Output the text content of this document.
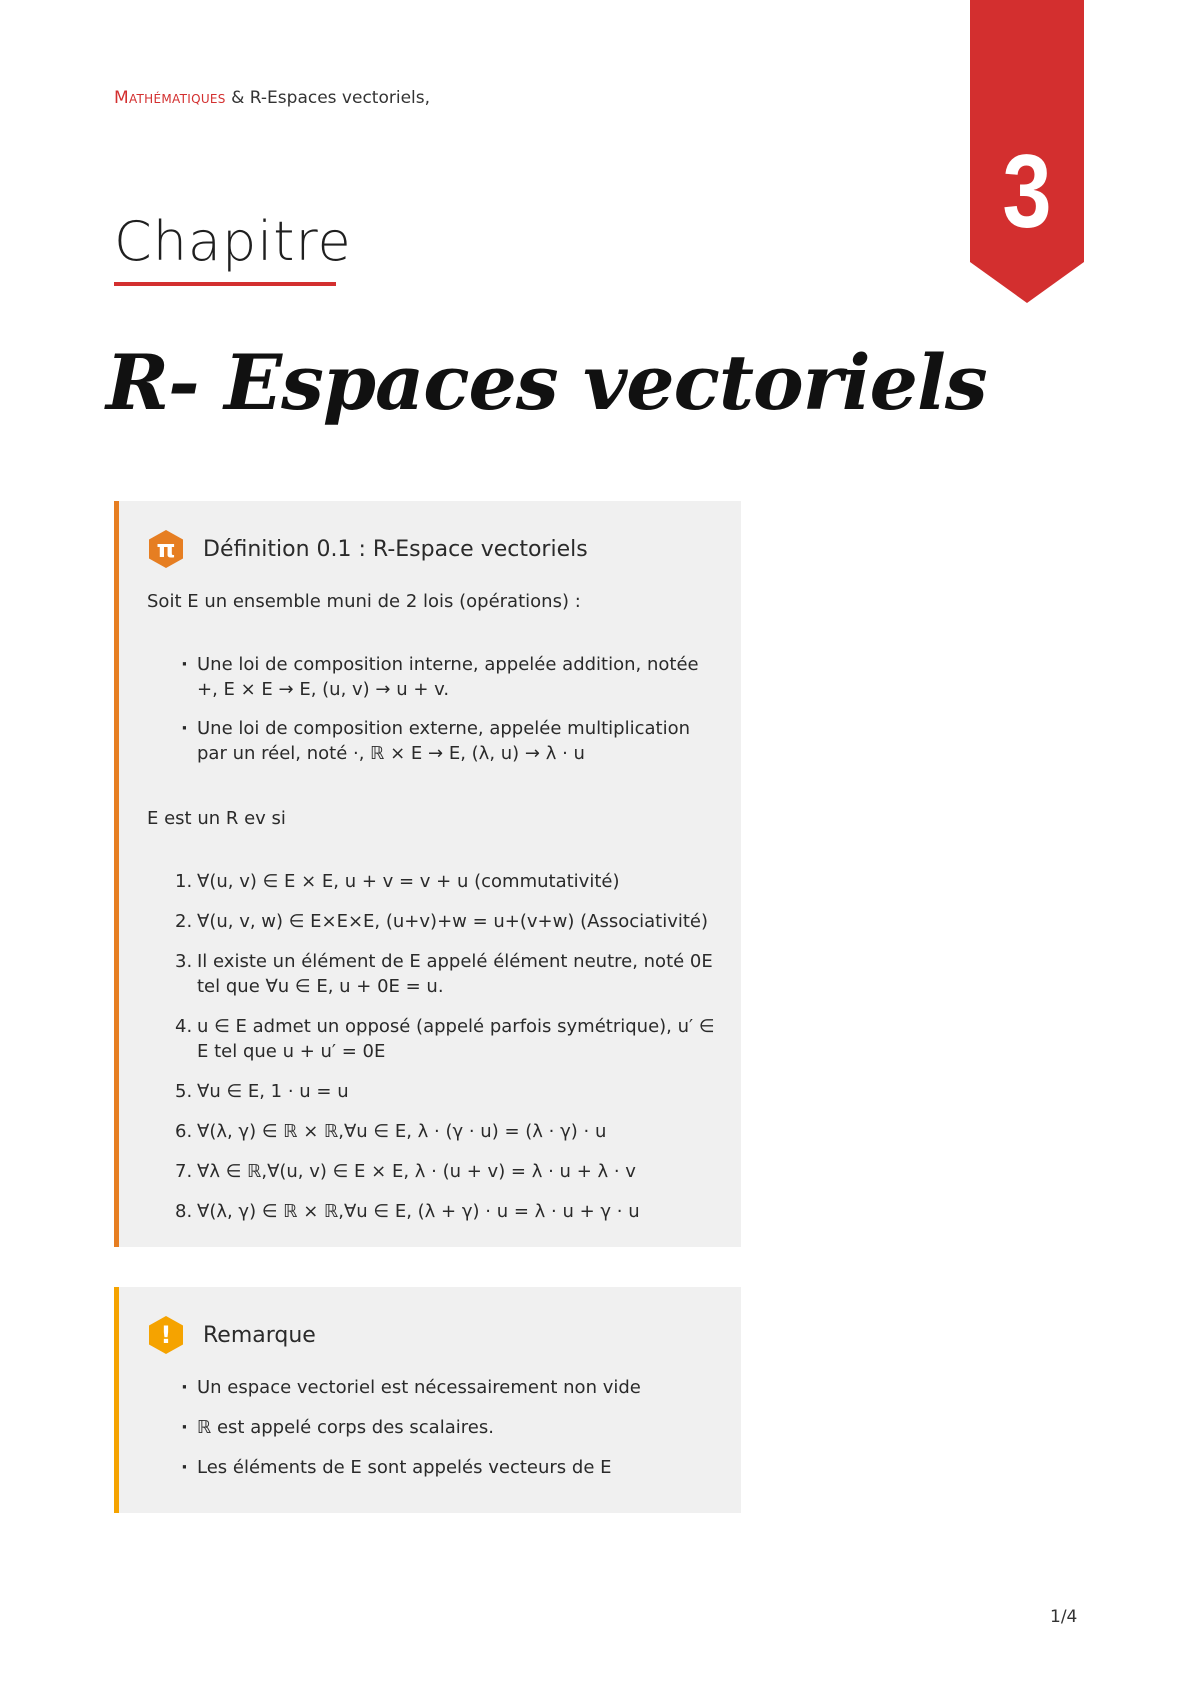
Mathématiques & R-Espaces vectoriels,
Chapitre	3
R- Espaces vectoriels
π	Définition 0.1 : R-Espace vectoriels

Soit E un ensemble muni de 2 lois (opérations) :

· Une loi de composition interne, appelée addition, notée +, E × E → E, (u, v) → u + v.
· Une loi de composition externe, appelée multiplication par un réel, noté ·, ℝ × E → E, (λ, u) → λ · u

E est un R ev si

1. ∀(u, v) ∈ E × E, u + v = v + u (commutativité)
2. ∀(u, v, w) ∈ E×E×E, (u+v)+w = u+(v+w) (Associativité)
3. Il existe un élément de E appelé élément neutre, noté 0E tel que ∀u ∈ E, u + 0E = u.
4. u ∈ E admet un opposé (appelé parfois symétrique), u′ ∈ E tel que u + u′ = 0E
5. ∀u ∈ E, 1 · u = u
6. ∀(λ, γ) ∈ ℝ × ℝ,∀u ∈ E, λ · (γ · u) = (λ · γ) · u
7. ∀λ ∈ ℝ,∀(u, v) ∈ E × E, λ · (u + v) = λ · u + λ · v
8. ∀(λ, γ) ∈ ℝ × ℝ,∀u ∈ E, (λ + γ) · u = λ · u + γ · u
!	Remarque
· Un espace vectoriel est nécessairement non vide
· ℝ est appelé corps des scalaires.
· Les éléments de E sont appelés vecteurs de E
1/4
